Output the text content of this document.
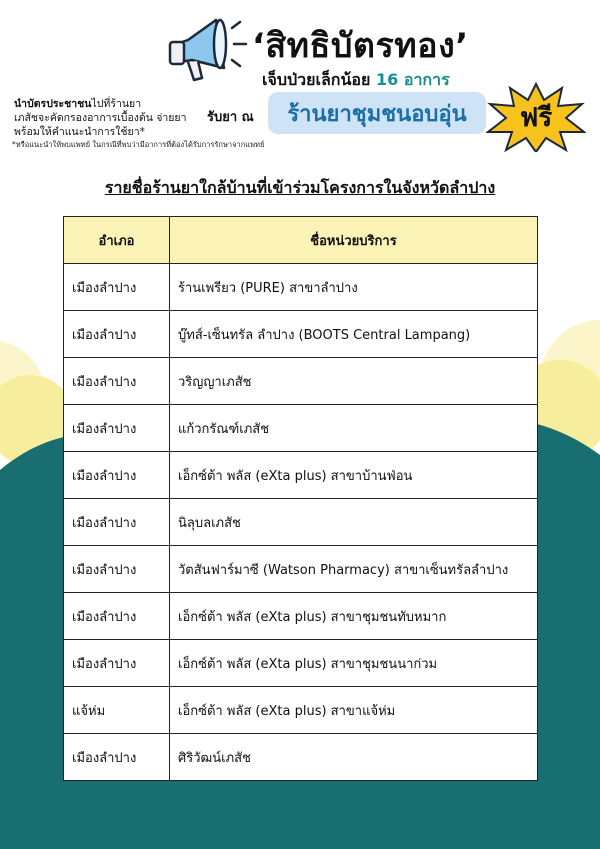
‘สิทธิบัตรทอง’
เจ็บป่วยเล็กน้อย 16 อาการ
นำบัตรประชาชนไปที่ร้านยา
เภสัชจะคัดกรองอาการเบื้องต้น จ่ายยา
พร้อมให้คำแนะนำการใช้ยา*
*หรือแนะนำให้พบแพทย์ ในกรณีที่พบว่ามีอาการที่ต้องได้รับการรักษาจากแพทย์
รับยา ณ	ร้านยาชุมชนอบอุ่น	ฟรี
รายชื่อร้านยาใกล้บ้านที่เข้าร่วมโครงการในจังหวัดลำปาง
อำเภอ	ชื่อหน่วยบริการ
เมืองลำปาง	ร้านเพรียว (PURE) สาขาลำปาง
เมืองลำปาง	บู๊ทส์-เซ็นทรัล ลำปาง (BOOTS Central Lampang)
เมืองลำปาง	วริญญาเภสัช
เมืองลำปาง	แก้วกรัณฑ์เภสัช
เมืองลำปาง	เอ็กซ์ต้า พลัส (eXta plus) สาขาบ้านฟ่อน
เมืองลำปาง	นิลุบลเภสัช
เมืองลำปาง	วัตสันฟาร์มาซี (Watson Pharmacy) สาขาเซ็นทรัลลำปาง
เมืองลำปาง	เอ็กซ์ต้า พลัส (eXta plus) สาขาชุมชนทับหมาก
เมืองลำปาง	เอ็กซ์ต้า พลัส (eXta plus) สาขาชุมชนนาก่วม
แจ้ห่ม	เอ็กซ์ต้า พลัส (eXta plus) สาขาแจ้ห่ม
เมืองลำปาง	ศิริวัฒน์เภสัช
